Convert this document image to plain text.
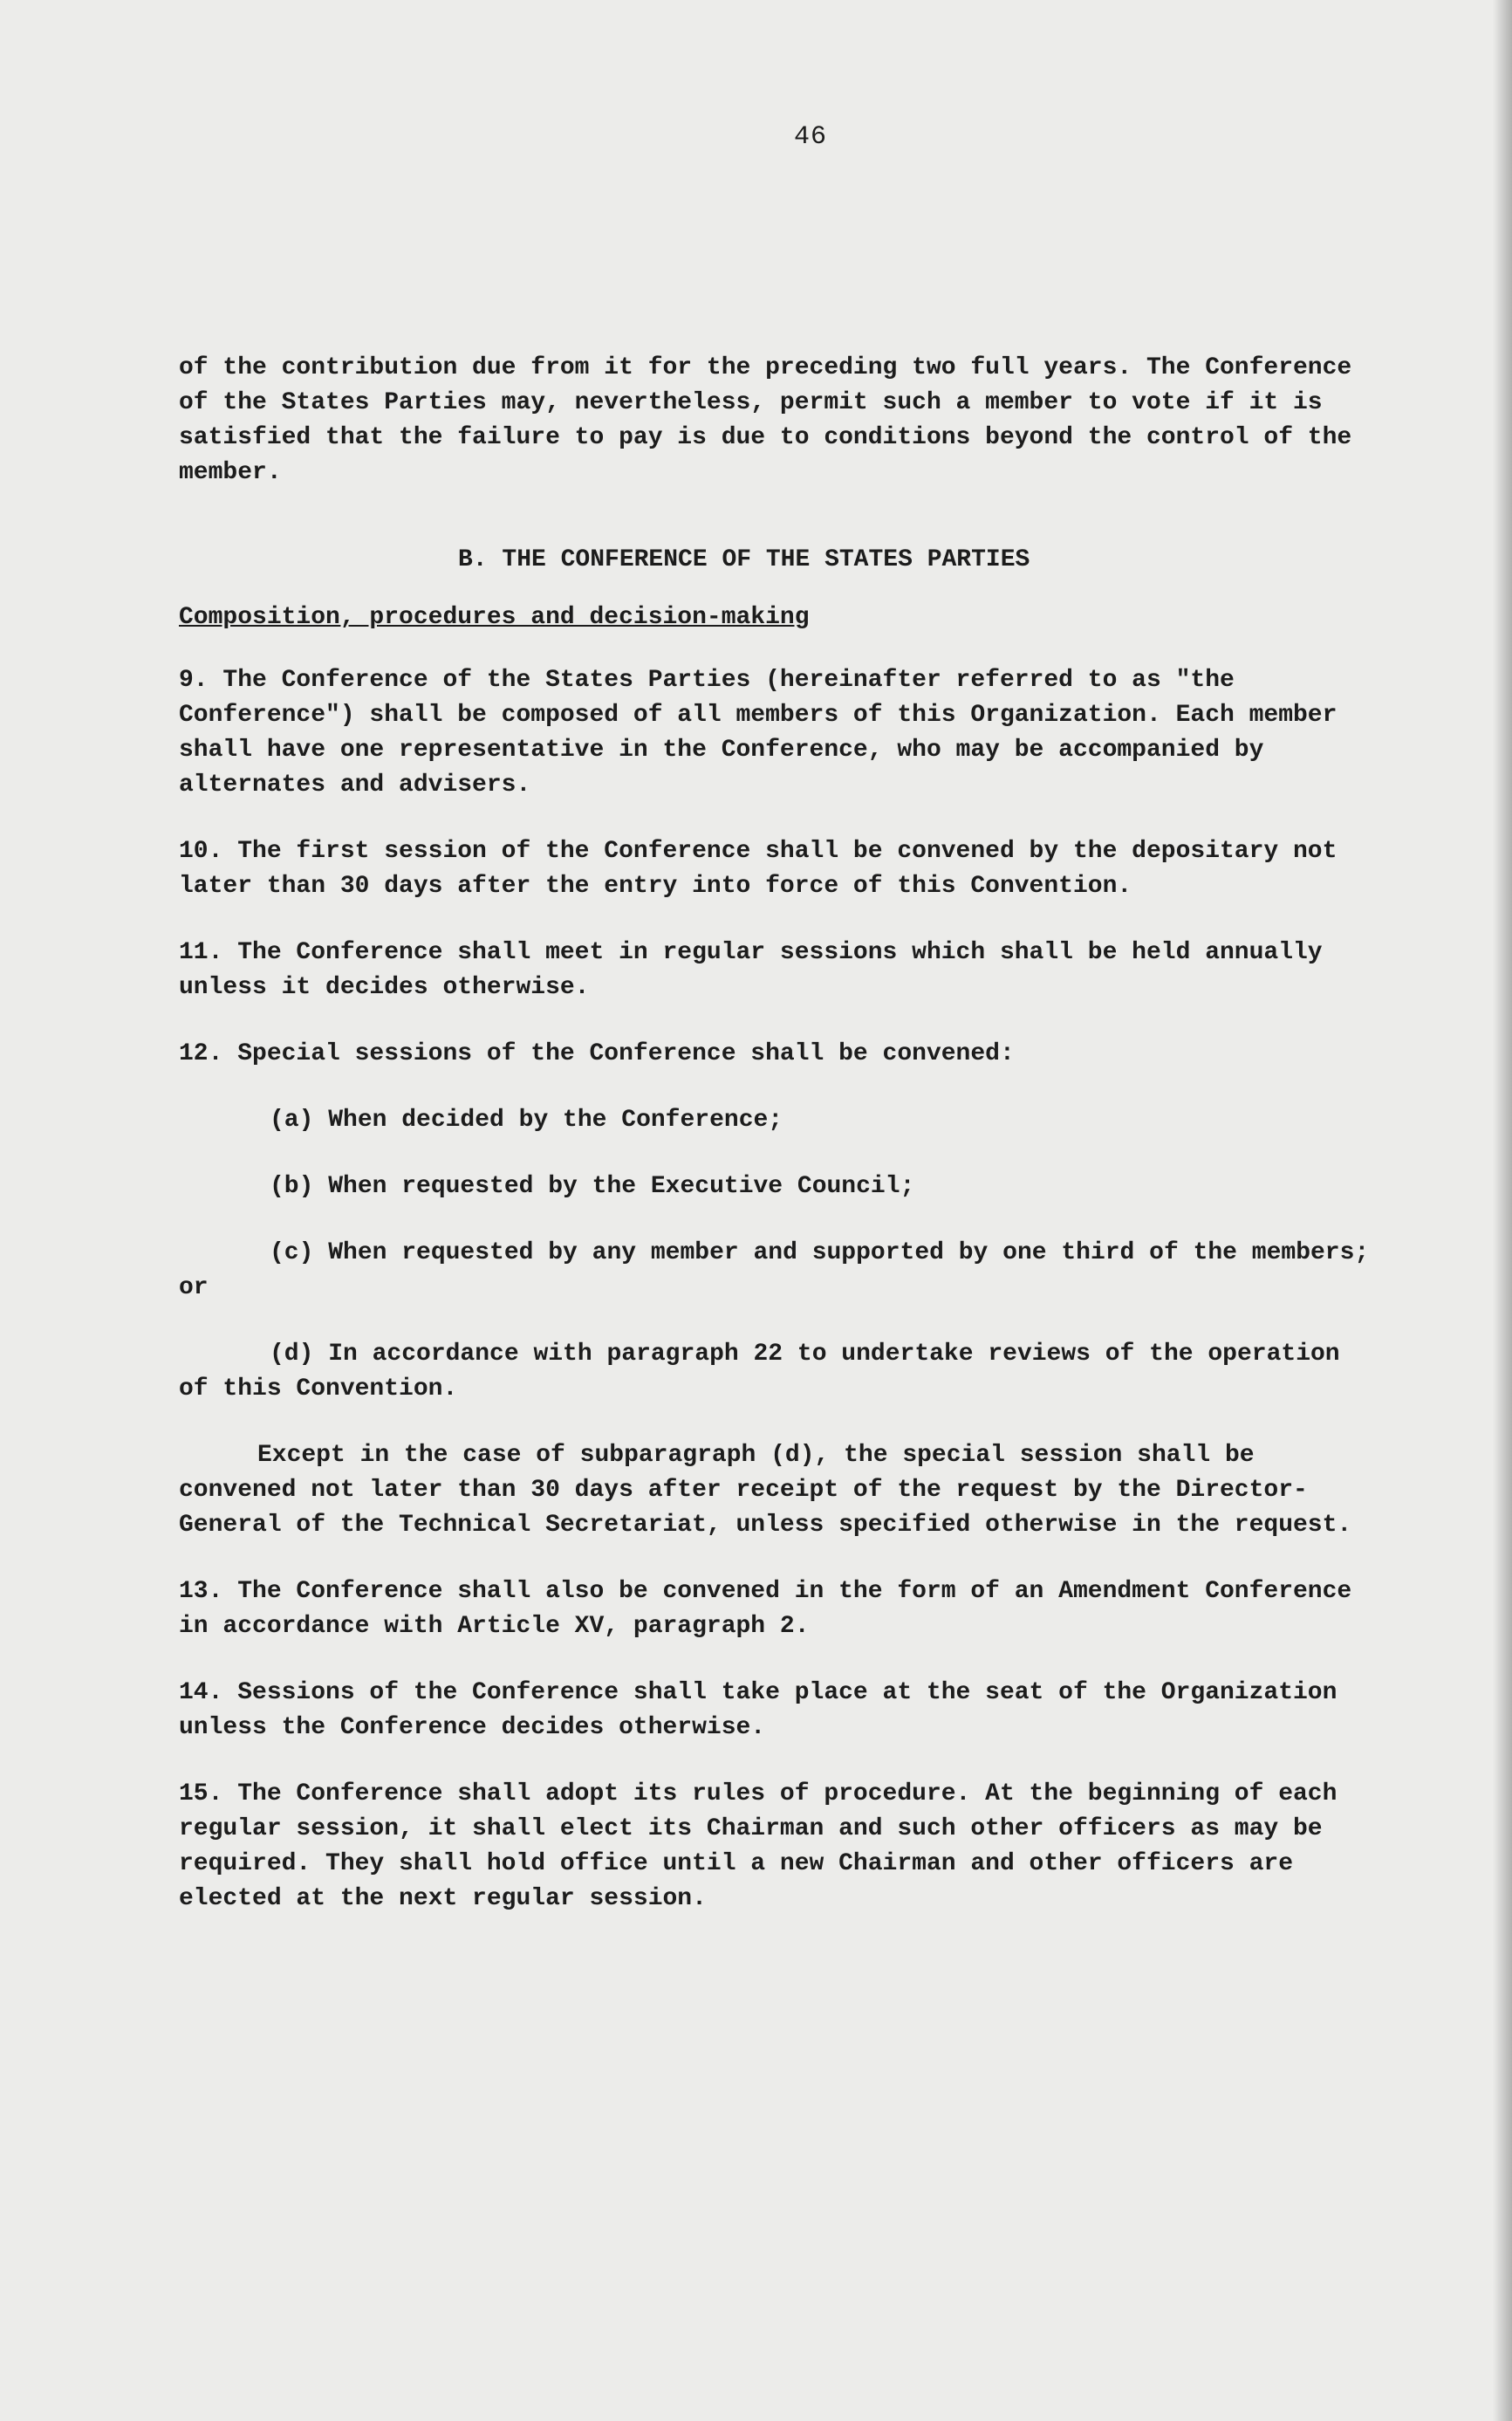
46

of the contribution due from it for the preceding two full years. The Conference of the States Parties may, nevertheless, permit such a member to vote if it is satisfied that the failure to pay is due to conditions beyond the control of the member.

B. THE CONFERENCE OF THE STATES PARTIES

Composition, procedures and decision-making

9. The Conference of the States Parties (hereinafter referred to as "the Conference") shall be composed of all members of this Organization. Each member shall have one representative in the Conference, who may be accompanied by alternates and advisers.

10. The first session of the Conference shall be convened by the depositary not later than 30 days after the entry into force of this Convention.

11. The Conference shall meet in regular sessions which shall be held annually unless it decides otherwise.

12. Special sessions of the Conference shall be convened:

(a) When decided by the Conference;

(b) When requested by the Executive Council;

(c) When requested by any member and supported by one third of the members; or

(d) In accordance with paragraph 22 to undertake reviews of the operation of this Convention.

Except in the case of subparagraph (d), the special session shall be convened not later than 30 days after receipt of the request by the Director-General of the Technical Secretariat, unless specified otherwise in the request.

13. The Conference shall also be convened in the form of an Amendment Conference in accordance with Article XV, paragraph 2.

14. Sessions of the Conference shall take place at the seat of the Organization unless the Conference decides otherwise.

15. The Conference shall adopt its rules of procedure. At the beginning of each regular session, it shall elect its Chairman and such other officers as may be required. They shall hold office until a new Chairman and other officers are elected at the next regular session.
